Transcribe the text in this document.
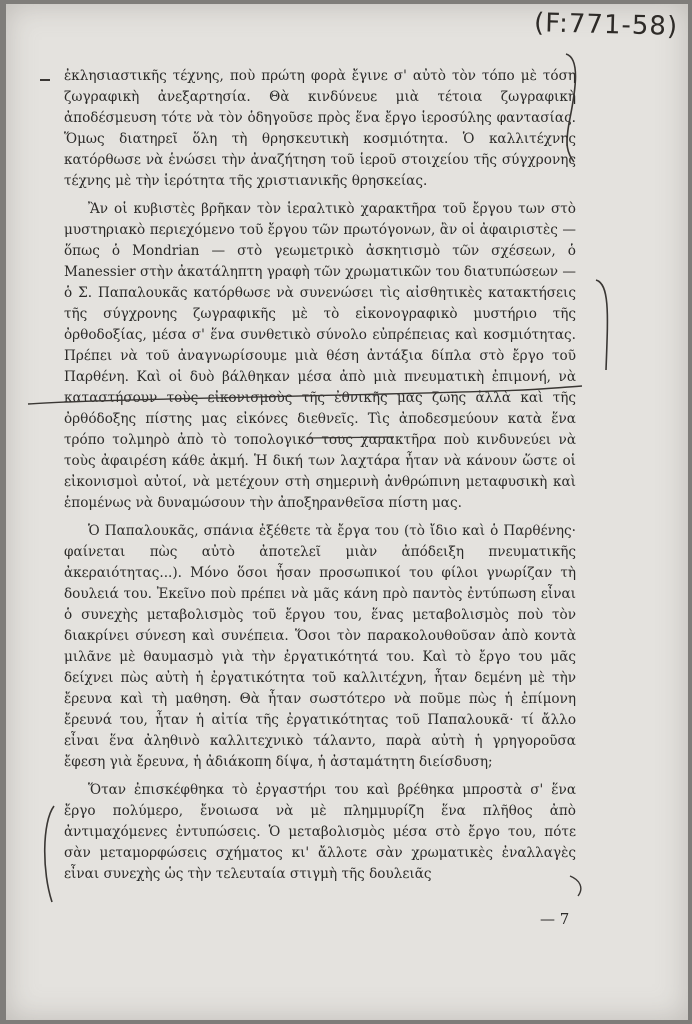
(F:771-58)

ἐκλησιαστικῆς τέχνης, ποὺ πρώτη φορὰ ἔγινε σ' αὐτὸ τὸν τόπο μὲ τόση ζωγραφικὴ ἀνεξαρτησία. Θὰ κινδύνευε μιὰ τέτοια ζωγραφικὴ ἀποδέσμευση τότε νὰ τὸν ὁδηγοῦσε πρὸς ἕνα ἔργο ἱεροσύλης φαντασίας. Ὅμως διατηρεῖ ὅλη τὴ θρησκευτικὴ κοσμιότητα. Ὁ καλλιτέχνης κατόρθωσε νὰ ἑνώσει τὴν ἀναζήτηση τοῦ ἱεροῦ στοιχείου τῆς σύγχρονης τέχνης μὲ τὴν ἱερότητα τῆς χριστιανικῆς θρησκείας.

Ἂν οἱ κυβιστὲς βρῆκαν τὸν ἱεραλτικὸ χαρακτῆρα τοῦ ἔργου των στὸ μυστηριακὸ περιεχόμενο τοῦ ἔργου τῶν πρωτόγονων, ἂν οἱ ἀφαιριστὲς — ὅπως ὁ Mondrian — στὸ γεωμετρικὸ ἀσκητισμὸ τῶν σχέσεων, ὁ Manessier στὴν ἀκατάληπτη γραφὴ τῶν χρωματικῶν του διατυπώσεων — ὁ Σ. Παπαλουκᾶς κατόρθωσε νὰ συνενώσει τὶς αἰσθητικὲς κατακτήσεις τῆς σύγχρονης ζωγραφικῆς μὲ τὸ εἰκονογραφικὸ μυστήριο τῆς ὀρθοδοξίας, μέσα σ' ἕνα συνθετικὸ σύνολο εὐπρέπειας καὶ κοσμιότητας. Πρέπει νὰ τοῦ ἀναγνωρίσουμε μιὰ θέση ἀντάξια δίπλα στὸ ἔργο τοῦ Παρθένη. Καὶ οἱ δυὸ βάλθηκαν μέσα ἀπὸ μιὰ πνευματικὴ ἐπιμονή, νὰ καταστήσουν τοὺς εἰκονισμοὺς τῆς ἐθνικῆς μας ζωῆς ἀλλὰ καὶ τῆς ὀρθόδοξης πίστης μας εἰκόνες διεθνεῖς. Τὶς ἀποδεσμεύουν κατὰ ἕνα τρόπο τολμηρὸ ἀπὸ τὸ τοπολογικό τους χαρακτῆρα ποὺ κινδυνεύει νὰ τοὺς ἀφαιρέση κάθε ἀκμή. Ἡ δική των λαχτάρα ἦταν νὰ κάνουν ὥστε οἱ εἰκονισμοὶ αὐτοί, νὰ μετέχουν στὴ σημερινὴ ἀνθρώπινη μεταφυσικὴ καὶ ἑπομένως νὰ δυναμώσουν τὴν ἀποξηρανθεῖσα πίστη μας.

Ὁ Παπαλουκᾶς, σπάνια ἐξέθετε τὰ ἔργα του (τὸ ἴδιο καὶ ὁ Παρθένης· φαίνεται πὼς αὐτὸ ἀποτελεῖ μιὰν ἀπόδειξη πνευματικῆς ἀκεραιότητας...). Μόνο ὅσοι ἦσαν προσωπικοί του φίλοι γνωρίζαν τὴ δουλειά του. Ἐκεῖνο ποὺ πρέπει νὰ μᾶς κάνη πρὸ παντὸς ἐντύπωση εἶναι ὁ συνεχὴς μεταβολισμὸς τοῦ ἔργου του, ἕνας μεταβολισμὸς ποὺ τὸν διακρίνει σύνεση καὶ συνέπεια. Ὅσοι τὸν παρακολουθοῦσαν ἀπὸ κοντὰ μιλᾶνε μὲ θαυμασμὸ γιὰ τὴν ἐργατικότητά του. Καὶ τὸ ἔργο του μᾶς δείχνει πὼς αὐτὴ ἡ ἐργατικότητα τοῦ καλλιτέχνη, ἦταν δεμένη μὲ τὴν ἔρευνα καὶ τὴ μαθηση. Θὰ ἦταν σωστότερο νὰ ποῦμε πὼς ἡ ἐπίμονη ἔρευνά του, ἦταν ἡ αἰτία τῆς ἐργατικότητας τοῦ Παπαλουκᾶ· τί ἄλλο εἶναι ἕνα ἀληθινὸ καλλιτεχνικὸ τάλαντο, παρὰ αὐτὴ ἡ γρηγοροῦσα ἔφεση γιὰ ἔρευνα, ἡ ἀδιάκοπη δίψα, ἡ ἀσταμάτητη διείσδυση;

Ὅταν ἐπισκέφθηκα τὸ ἐργαστήρι του καὶ βρέθηκα μπροστὰ σ' ἕνα ἔργο πολύμερο, ἔνοιωσα νὰ μὲ πλημμυρίζη ἕνα πλῆθος ἀπὸ ἀντιμαχόμενες ἐντυπώσεις. Ὁ μεταβολισμὸς μέσα στὸ ἔργο του, πότε σὰν μεταμορφώσεις σχήματος κι' ἄλλοτε σὰν χρωματικὲς ἐναλλαγὲς εἶναι συνεχὴς ὡς τὴν τελευταία στιγμὴ τῆς δουλειᾶς

— 7
